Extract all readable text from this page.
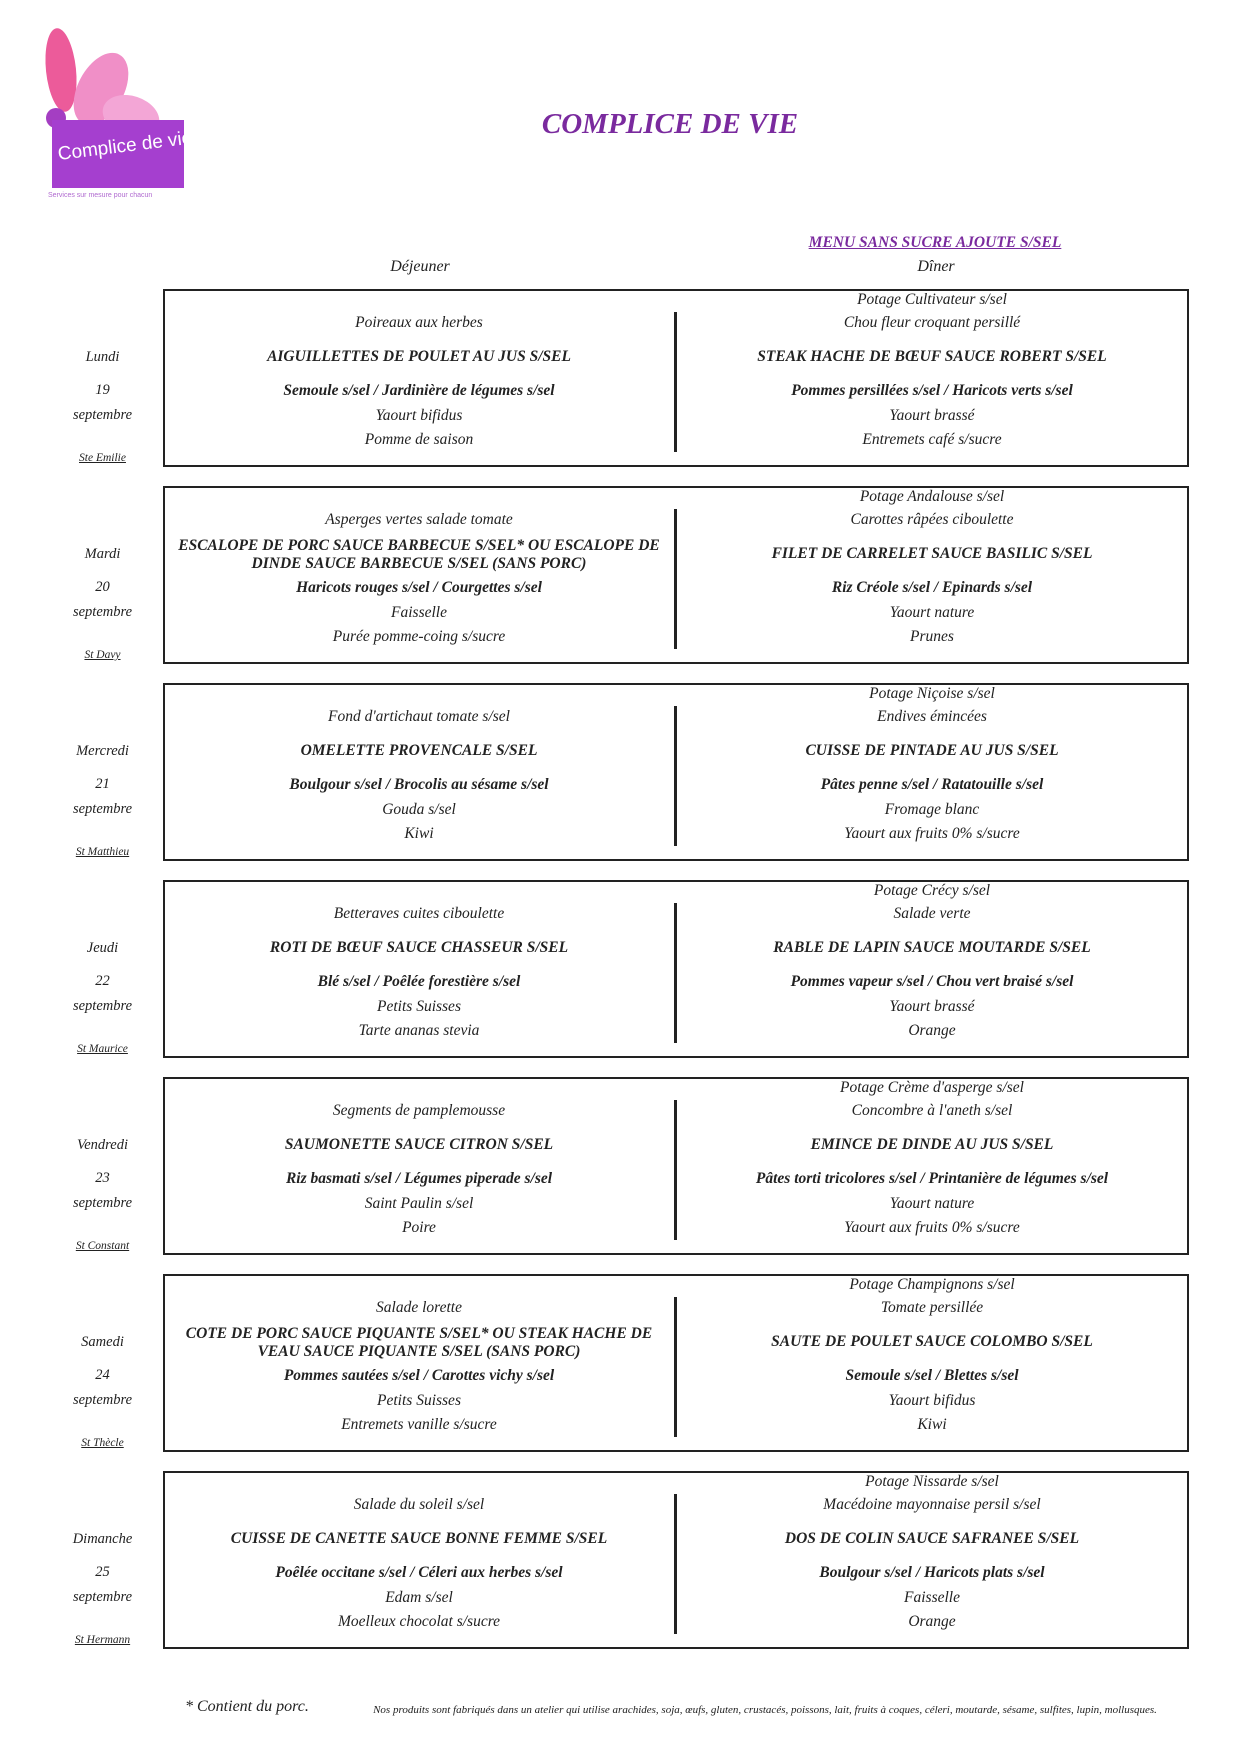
Complice de vie
Services sur mesure pour chacun
COMPLICE DE VIE
MENU SANS SUCRE AJOUTE S/SEL
Déjeuner	Dîner
Lundi
19
septembre
Ste Emilie
Poireaux aux herbes
AIGUILLETTES DE POULET AU JUS S/SEL
Semoule s/sel / Jardinière de légumes s/sel
Yaourt bifidus
Pomme de saison
Potage Cultivateur s/sel
Chou fleur croquant persillé
STEAK HACHE DE BŒUF SAUCE ROBERT S/SEL
Pommes persillées s/sel / Haricots verts s/sel
Yaourt brassé
Entremets café s/sucre
Mardi
20
septembre
St Davy
Asperges vertes salade tomate
ESCALOPE DE PORC SAUCE BARBECUE S/SEL* OU ESCALOPE DE DINDE SAUCE BARBECUE S/SEL (SANS PORC)
Haricots rouges s/sel / Courgettes s/sel
Faisselle
Purée pomme-coing s/sucre
Potage Andalouse s/sel
Carottes râpées ciboulette
FILET DE CARRELET SAUCE BASILIC S/SEL
Riz Créole s/sel / Epinards s/sel
Yaourt nature
Prunes
Mercredi
21
septembre
St Matthieu
Fond d'artichaut tomate s/sel
OMELETTE PROVENCALE S/SEL
Boulgour s/sel / Brocolis au sésame s/sel
Gouda s/sel
Kiwi
Potage Niçoise s/sel
Endives émincées
CUISSE DE PINTADE AU JUS S/SEL
Pâtes penne s/sel / Ratatouille s/sel
Fromage blanc
Yaourt aux fruits 0% s/sucre
Jeudi
22
septembre
St Maurice
Betteraves cuites ciboulette
ROTI DE BŒUF SAUCE CHASSEUR S/SEL
Blé s/sel / Poêlée forestière s/sel
Petits Suisses
Tarte ananas stevia
Potage Crécy s/sel
Salade verte
RABLE DE LAPIN SAUCE MOUTARDE S/SEL
Pommes vapeur s/sel / Chou vert braisé s/sel
Yaourt brassé
Orange
Vendredi
23
septembre
St Constant
Segments de pamplemousse
SAUMONETTE SAUCE CITRON S/SEL
Riz basmati s/sel / Légumes piperade s/sel
Saint Paulin s/sel
Poire
Potage Crème d'asperge s/sel
Concombre à l'aneth s/sel
EMINCE DE DINDE AU JUS S/SEL
Pâtes torti tricolores s/sel / Printanière de légumes s/sel
Yaourt nature
Yaourt aux fruits 0% s/sucre
Samedi
24
septembre
St Thècle
Salade lorette
COTE DE PORC SAUCE PIQUANTE S/SEL* OU STEAK HACHE DE VEAU SAUCE PIQUANTE S/SEL (SANS PORC)
Pommes sautées s/sel / Carottes vichy s/sel
Petits Suisses
Entremets vanille s/sucre
Potage Champignons s/sel
Tomate persillée
SAUTE DE POULET SAUCE COLOMBO S/SEL
Semoule s/sel / Blettes s/sel
Yaourt bifidus
Kiwi
Dimanche
25
septembre
St Hermann
Salade du soleil s/sel
CUISSE DE CANETTE SAUCE BONNE FEMME S/SEL
Poêlée occitane s/sel / Céleri aux herbes s/sel
Edam s/sel
Moelleux chocolat s/sucre
Potage Nissarde s/sel
Macédoine mayonnaise persil s/sel
DOS DE COLIN SAUCE SAFRANEE S/SEL
Boulgour s/sel / Haricots plats s/sel
Faisselle
Orange
* Contient du porc.	Nos produits sont fabriqués dans un atelier qui utilise arachides, soja, œufs, gluten, crustacés, poissons, lait, fruits à coques, céleri, moutarde, sésame, sulfites, lupin, mollusques.
